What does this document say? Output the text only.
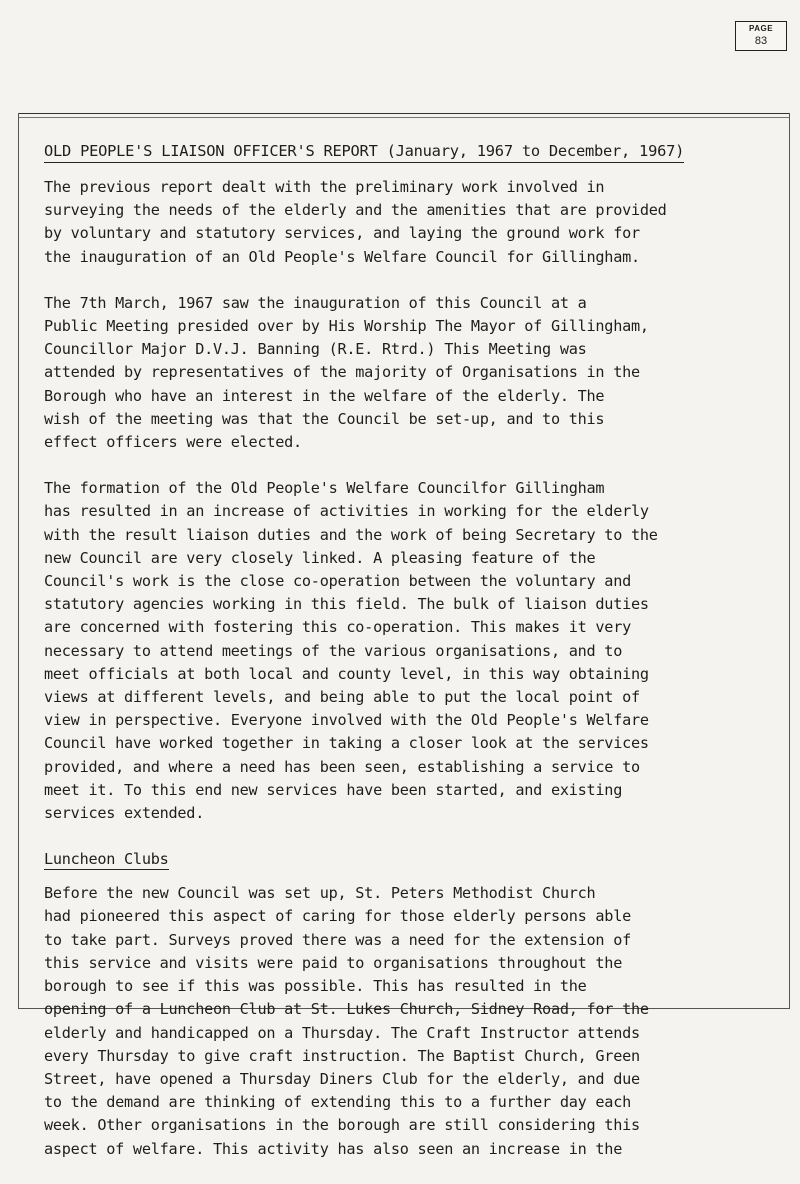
PAGE
83
OLD PEOPLE'S LIAISON OFFICER'S REPORT (January, 1967 to December, 1967)

The previous report dealt with the preliminary work involved in
surveying the needs of the elderly and the amenities that are provided
by voluntary and statutory services, and laying the ground work for
the inauguration of an Old People's Welfare Council for Gillingham.

The 7th March, 1967 saw the inauguration of this Council at a
Public Meeting presided over by His Worship The Mayor of Gillingham,
Councillor Major D.V.J. Banning (R.E. Rtrd.) This Meeting was
attended by representatives of the majority of Organisations in the
Borough who have an interest in the welfare of the elderly. The
wish of the meeting was that the Council be set-up, and to this
effect officers were elected.

The formation of the Old People's Welfare Councilfor Gillingham
has resulted in an increase of activities in working for the elderly
with the result liaison duties and the work of being Secretary to the
new Council are very closely linked. A pleasing feature of the
Council's work is the close co-operation between the voluntary and
statutory agencies working in this field. The bulk of liaison duties
are concerned with fostering this co-operation. This makes it very
necessary to attend meetings of the various organisations, and to
meet officials at both local and county level, in this way obtaining
views at different levels, and being able to put the local point of
view in perspective. Everyone involved with the Old People's Welfare
Council have worked together in taking a closer look at the services
provided, and where a need has been seen, establishing a service to
meet it. To this end new services have been started, and existing
services extended.

Luncheon Clubs

Before the new Council was set up, St. Peters Methodist Church
had pioneered this aspect of caring for those elderly persons able
to take part. Surveys proved there was a need for the extension of
this service and visits were paid to organisations throughout the
borough to see if this was possible. This has resulted in the
opening of a Luncheon Club at St. Lukes Church, Sidney Road, for the
elderly and handicapped on a Thursday. The Craft Instructor attends
every Thursday to give craft instruction. The Baptist Church, Green
Street, have opened a Thursday Diners Club for the elderly, and due
to the demand are thinking of extending this to a further day each
week. Other organisations in the borough are still considering this
aspect of welfare. This activity has also seen an increase in the
